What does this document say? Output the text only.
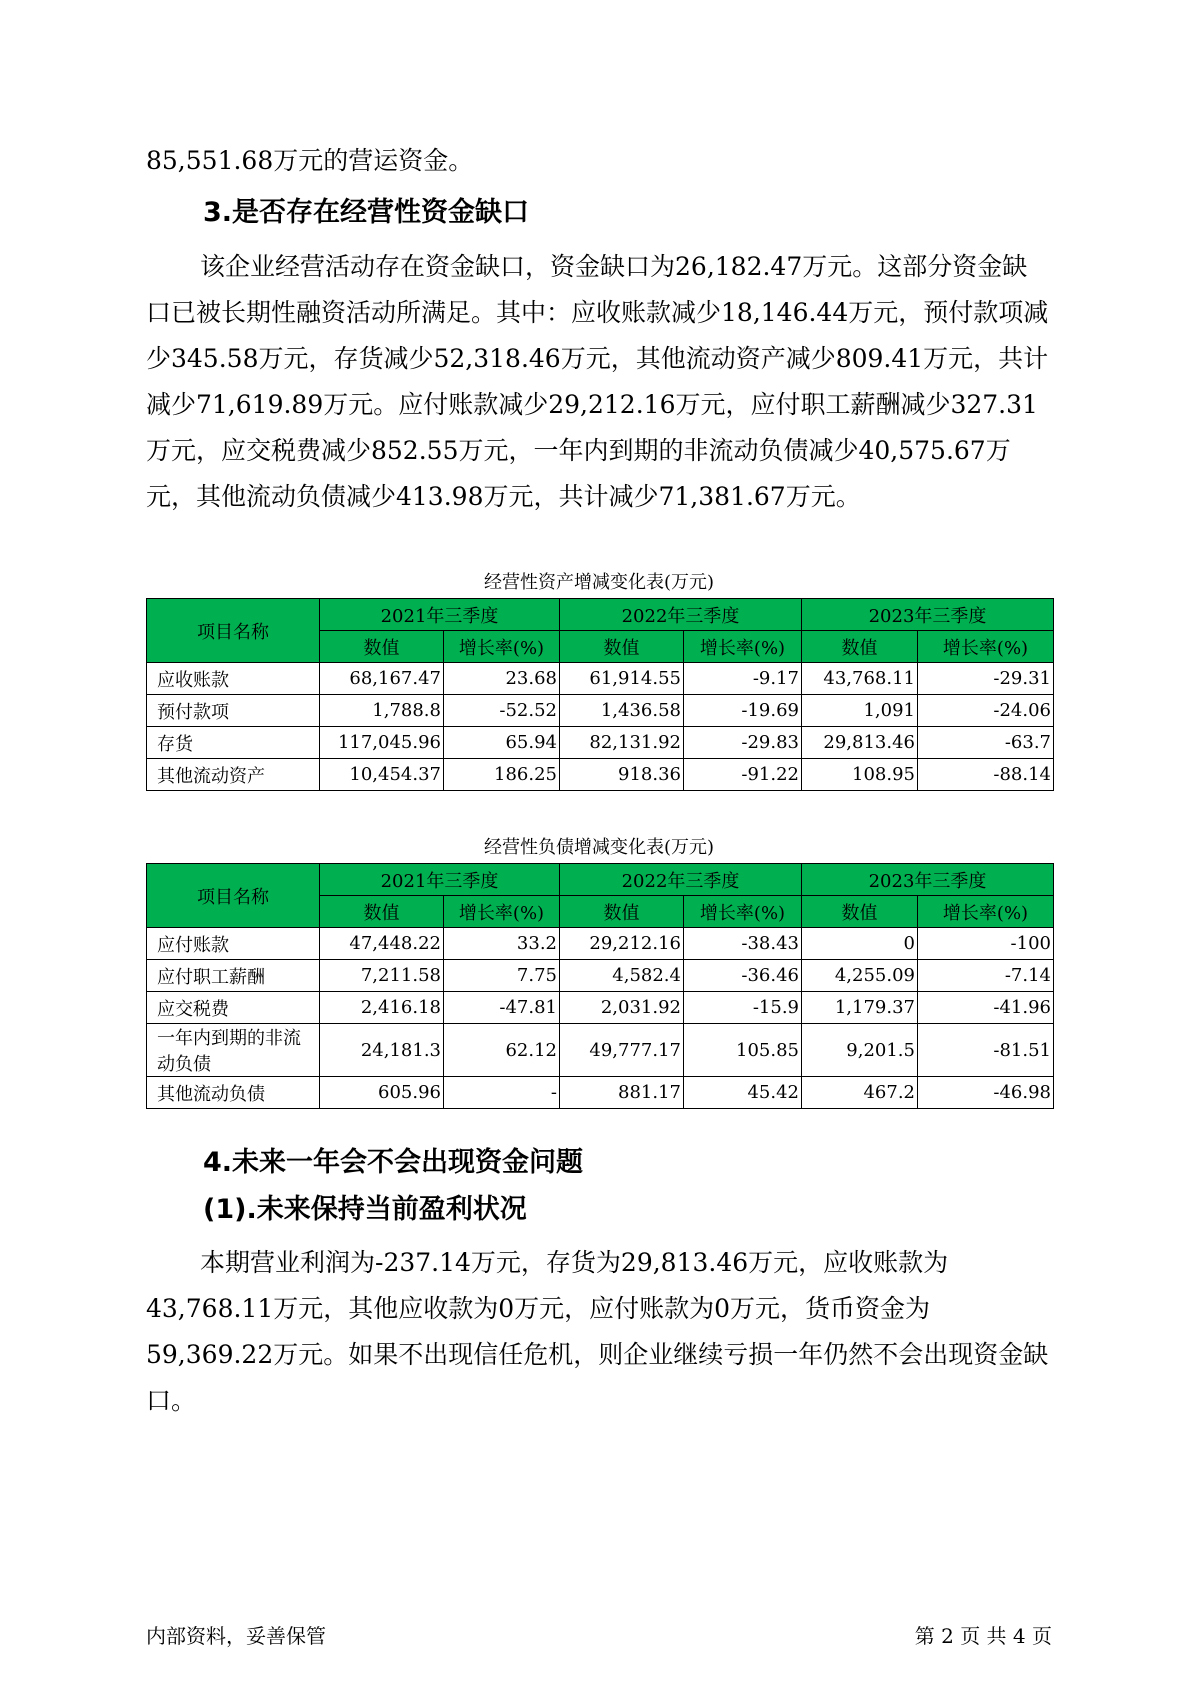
85,551.68万元的营运资金。

3.是否存在经营性资金缺口

该企业经营活动存在资金缺口，资金缺口为26,182.47万元。这部分资金缺口已被长期性融资活动所满足。其中：应收账款减少18,146.44万元，预付款项减少345.58万元，存货减少52,318.46万元，其他流动资产减少809.41万元，共计减少71,619.89万元。应付账款减少29,212.16万元，应付职工薪酬减少327.31万元，应交税费减少852.55万元，一年内到期的非流动负债减少40,575.67万元，其他流动负债减少413.98万元，共计减少71,381.67万元。

经营性资产增减变化表(万元)
项目名称	2021年三季度		2022年三季度		2023年三季度	
	数值	增长率(%)	数值	增长率(%)	数值	增长率(%)
应收账款	68,167.47	23.68	61,914.55	-9.17	43,768.11	-29.31
预付款项	1,788.8	-52.52	1,436.58	-19.69	1,091	-24.06
存货	117,045.96	65.94	82,131.92	-29.83	29,813.46	-63.7
其他流动资产	10,454.37	186.25	918.36	-91.22	108.95	-88.14
经营性负债增减变化表(万元)
项目名称	2021年三季度		2022年三季度		2023年三季度	
	数值	增长率(%)	数值	增长率(%)	数值	增长率(%)
应付账款	47,448.22	33.2	29,212.16	-38.43	0	-100
应付职工薪酬	7,211.58	7.75	4,582.4	-36.46	4,255.09	-7.14
应交税费	2,416.18	-47.81	2,031.92	-15.9	1,179.37	-41.96
一年内到期的非流动负债	24,181.3	62.12	49,777.17	105.85	9,201.5	-81.51
其他流动负债	605.96	-	881.17	45.42	467.2	-46.98
4.未来一年会不会出现资金问题
(1).未来保持当前盈利状况

本期营业利润为-237.14万元，存货为29,813.46万元，应收账款为43,768.11万元，其他应收款为0万元，应付账款为0万元，货币资金为59,369.22万元。如果不出现信任危机，则企业继续亏损一年仍然不会出现资金缺口。

内部资料，妥善保管	第 2 页 共 4 页
